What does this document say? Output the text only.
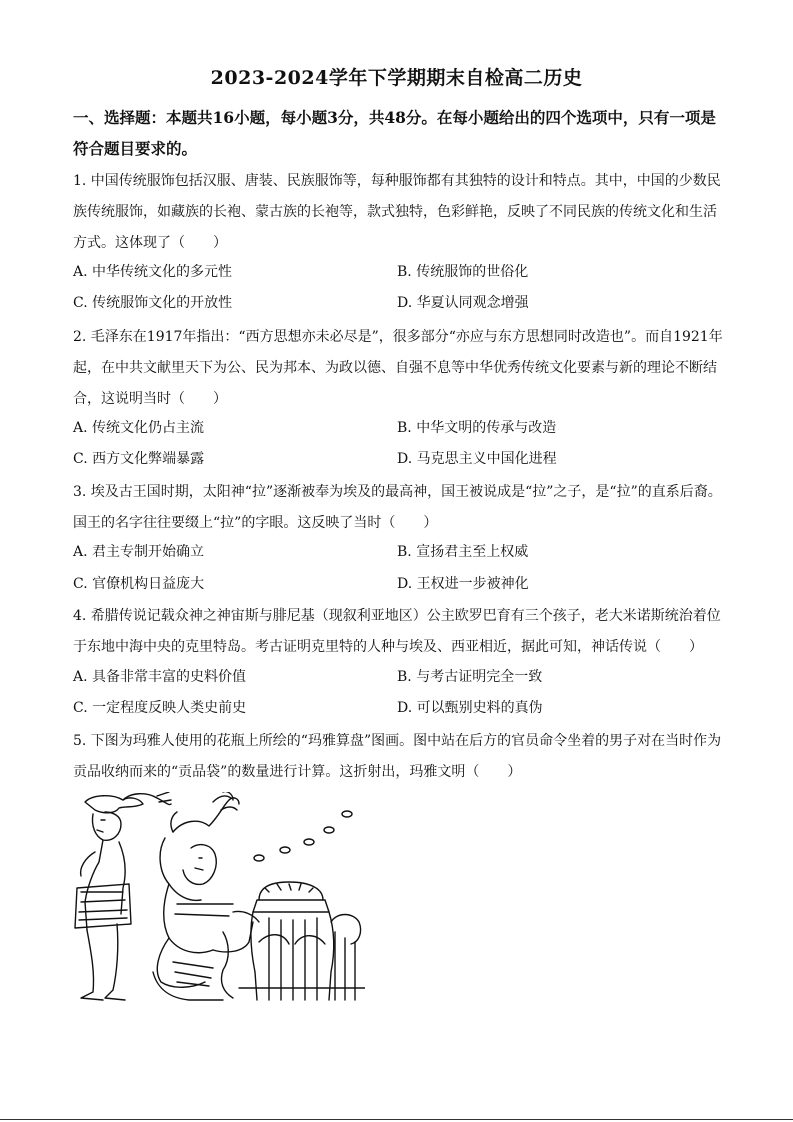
2023-2024学年下学期期末自检高二历史
一、选择题：本题共16小题，每小题3分，共48分。在每小题给出的四个选项中，只有一项是符合题目要求的。
1. 中国传统服饰包括汉服、唐装、民族服饰等，每种服饰都有其独特的设计和特点。其中，中国的少数民族传统服饰，如藏族的长袍、蒙古族的长袍等，款式独特，色彩鲜艳，反映了不同民族的传统文化和生活方式。这体现了（　　）
A. 中华传统文化的多元性	B. 传统服饰的世俗化
C. 传统服饰文化的开放性	D. 华夏认同观念增强
2. 毛泽东在1917年指出：“西方思想亦未必尽是”，很多部分“亦应与东方思想同时改造也”。而自1921年起，在中共文献里天下为公、民为邦本、为政以德、自强不息等中华优秀传统文化要素与新的理论不断结合，这说明当时（　　）
A. 传统文化仍占主流	B. 中华文明的传承与改造
C. 西方文化弊端暴露	D. 马克思主义中国化进程
3. 埃及古王国时期，太阳神“拉”逐渐被奉为埃及的最高神，国王被说成是“拉”之子，是“拉”的直系后裔。国王的名字往往要缀上“拉”的字眼。这反映了当时（　　）
A. 君主专制开始确立	B. 宣扬君主至上权威
C. 官僚机构日益庞大	D. 王权进一步被神化
4. 希腊传说记载众神之神宙斯与腓尼基（现叙利亚地区）公主欧罗巴育有三个孩子，老大米诺斯统治着位于东地中海中央的克里特岛。考古证明克里特的人种与埃及、西亚相近，据此可知，神话传说（　　）
A. 具备非常丰富的史料价值	B. 与考古证明完全一致
C. 一定程度反映人类史前史	D. 可以甄别史料的真伪
5. 下图为玛雅人使用的花瓶上所绘的“玛雅算盘”图画。图中站在后方的官员命令坐着的男子对在当时作为贡品收纳而来的“贡品袋”的数量进行计算。这折射出，玛雅文明（　　）
